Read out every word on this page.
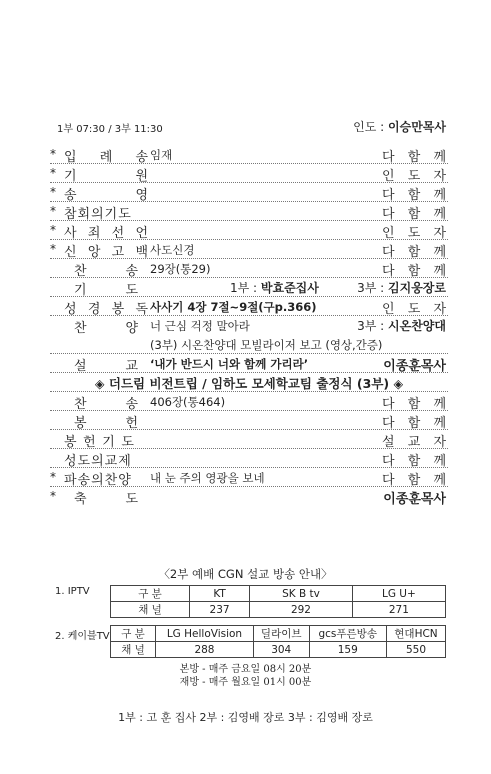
1부 07:30 / 3부 11:30	인도 : 이승만목사
* 입 례 송 임재	다 함 께
* 기	원	인 도 자
* 송	영	다 함 께
* 참회의기도	다 함 께
* 사 죄 선 언	인 도 자
* 신 앙 고 백 사도신경	다 함 께
찬	송 29장(통29)	다 함 께
기	도	1부 : 박효준집사	3부 : 김지웅장로
성 경 봉 독 사사기 4장 7절~9절(구p.366)	인 도 자
찬	양 너 근심 걱정 말아라	3부 : 시온찬양대
(3부) 시온찬양대 모빌라이저 보고 (영상,간증)
설	교 ‘내가 반드시 너와 함께 가리라’	이종훈목사
◈ 더드림 비전트립 / 임하도 모세학교팀 출정식 (3부) ◈
찬	송 406장(통464)	다 함 께
봉	헌	다 함 께
봉 헌 기 도	설 교 자
성도의교제	다 함 께
* 파송의찬양	내 눈 주의 영광을 보네	다 함 께
*	축	도	이종훈목사
〈2부 예배 CGN 설교 방송 안내〉
1. IPTV	구 분	KT	SK B tv	LG U+
채 널	237	292	271
2. 케이블TV 구 분	LG HelloVision	딜라이브	gcs푸른방송	현대HCN
채 널	288	304	159	550
본방 - 매주 금요일 08시 20분
재방 - 매주 월요일 01시 00분
1부 : 고 훈 집사 2부 : 김영배 장로 3부 : 김영배 장로
